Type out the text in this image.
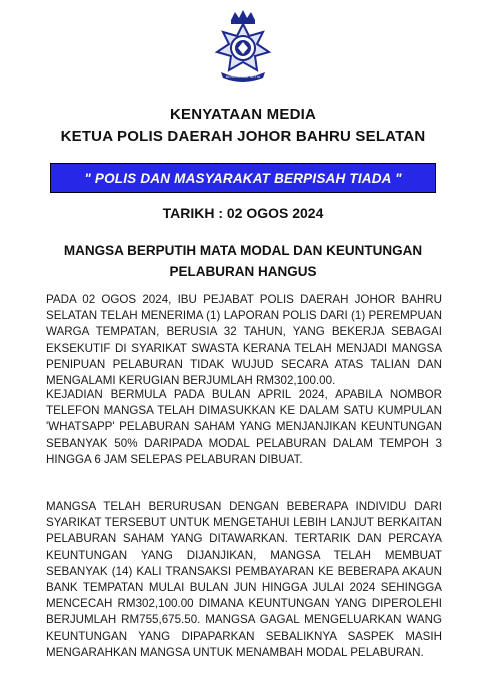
BERKHIDMAT SETIA
KENYATAAN MEDIA
KETUA POLIS DAERAH JOHOR BAHRU SELATAN
" POLIS DAN MASYARAKAT BERPISAH TIADA "
TARIKH : 02 OGOS 2024
MANGSA BERPUTIH MATA MODAL DAN KEUNTUNGAN
PELABURAN HANGUS
PADA 02 OGOS 2024, IBU PEJABAT POLIS DAERAH JOHOR BAHRU
SELATAN TELAH MENERIMA (1) LAPORAN POLIS DARI (1) PEREMPUAN
WARGA TEMPATAN, BERUSIA 32 TAHUN, YANG BEKERJA SEBAGAI
EKSEKUTIF DI SYARIKAT SWASTA KERANA TELAH MENJADI MANGSA
PENIPUAN PELABURAN TIDAK WUJUD SECARA ATAS TALIAN DAN
MENGALAMI KERUGIAN BERJUMLAH RM302,100.00.
KEJADIAN BERMULA PADA BULAN APRIL 2024, APABILA NOMBOR
TELEFON MANGSA TELAH DIMASUKKAN KE DALAM SATU KUMPULAN
'WHATSAPP' PELABURAN SAHAM YANG MENJANJIKAN KEUNTUNGAN
SEBANYAK 50% DARIPADA MODAL PELABURAN DALAM TEMPOH 3
HINGGA 6 JAM SELEPAS PELABURAN DIBUAT.
MANGSA TELAH BERURUSAN DENGAN BEBERAPA INDIVIDU DARI
SYARIKAT TERSEBUT UNTUK MENGETAHUI LEBIH LANJUT BERKAITAN
PELABURAN SAHAM YANG DITAWARKAN. TERTARIK DAN PERCAYA
KEUNTUNGAN YANG DIJANJIKAN, MANGSA TELAH MEMBUAT
SEBANYAK (14) KALI TRANSAKSI PEMBAYARAN KE BEBERAPA AKAUN
BANK TEMPATAN MULAI BULAN JUN HINGGA JULAI 2024 SEHINGGA
MENCECAH RM302,100.00 DIMANA KEUNTUNGAN YANG DIPEROLEHI
BERJUMLAH RM755,675.50. MANGSA GAGAL MENGELUARKAN WANG
KEUNTUNGAN YANG DIPAPARKAN SEBALIKNYA SASPEK MASIH
MENGARAHKAN MANGSA UNTUK MENAMBAH MODAL PELABURAN.
